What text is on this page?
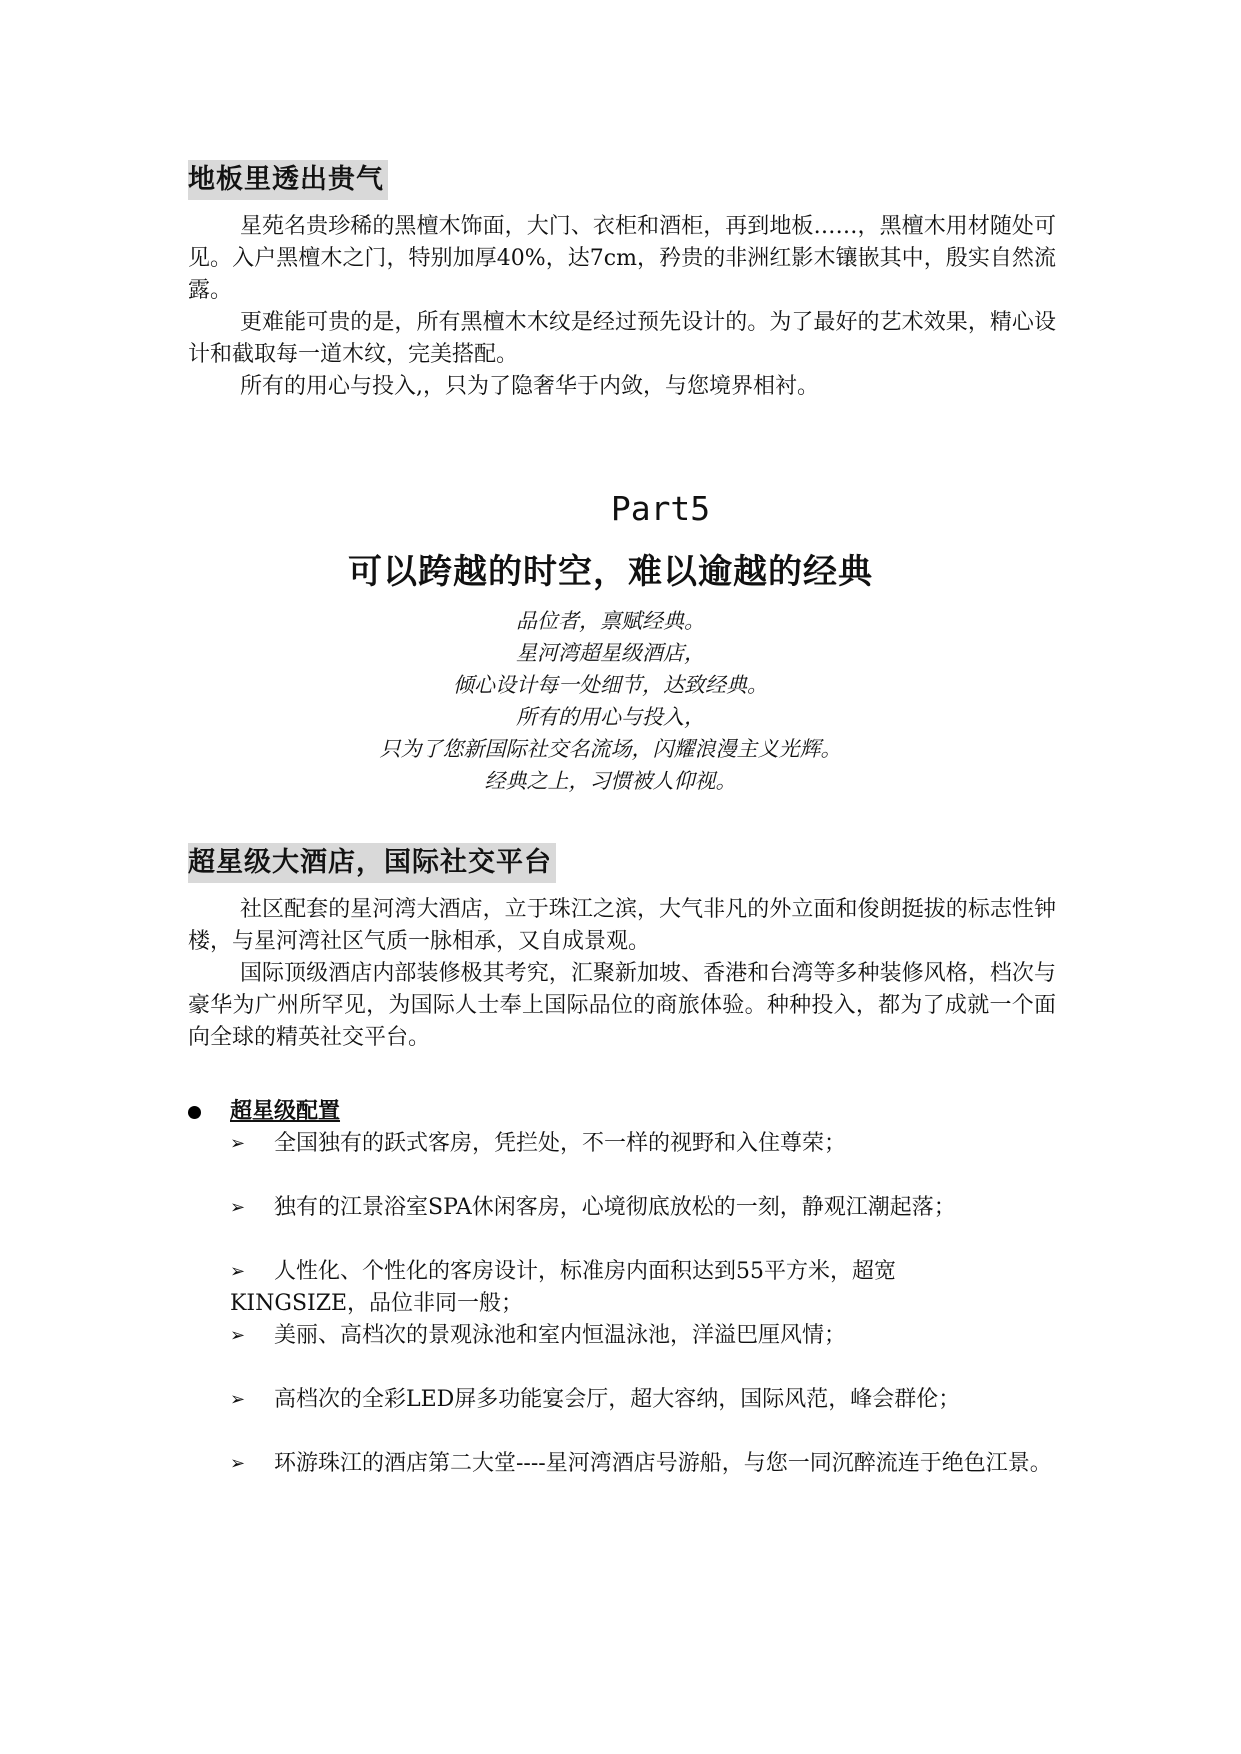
地板里透出贵气

星苑名贵珍稀的黑檀木饰面，大门、衣柜和酒柜，再到地板……，黑檀木用材随处可见。入户黑檀木之门，特别加厚40%，达7cm，矜贵的非洲红影木镶嵌其中，殷实自然流露。

更难能可贵的是，所有黑檀木木纹是经过预先设计的。为了最好的艺术效果，精心设计和截取每一道木纹，完美搭配。

所有的用心与投入,，只为了隐奢华于内敛，与您境界相衬。

Part5
可以跨越的时空，难以逾越的经典
品位者，禀赋经典。
星河湾超星级酒店，
倾心设计每一处细节，达致经典。
所有的用心与投入，
只为了您新国际社交名流场，闪耀浪漫主义光辉。
经典之上，习惯被人仰视。
超星级大酒店，国际社交平台

社区配套的星河湾大酒店，立于珠江之滨，大气非凡的外立面和俊朗挺拔的标志性钟楼，与星河湾社区气质一脉相承，又自成景观。

国际顶级酒店内部装修极其考究，汇聚新加坡、香港和台湾等多种装修风格，档次与豪华为广州所罕见，为国际人士奉上国际品位的商旅体验。种种投入，都为了成就一个面向全球的精英社交平台。

超星级配置
➢	全国独有的跃式客房，凭拦处，不一样的视野和入住尊荣；
➢	独有的江景浴室SPA休闲客房，心境彻底放松的一刻，静观江潮起落；
➢	人性化、个性化的客房设计，标准房内面积达到55平方米，超宽KINGSIZE，品位非同一般；
➢	美丽、高档次的景观泳池和室内恒温泳池，洋溢巴厘风情；
➢	高档次的全彩LED屏多功能宴会厅，超大容纳，国际风范，峰会群伦；
➢	环游珠江的酒店第二大堂----星河湾酒店号游船，与您一同沉醉流连于绝色江景。
